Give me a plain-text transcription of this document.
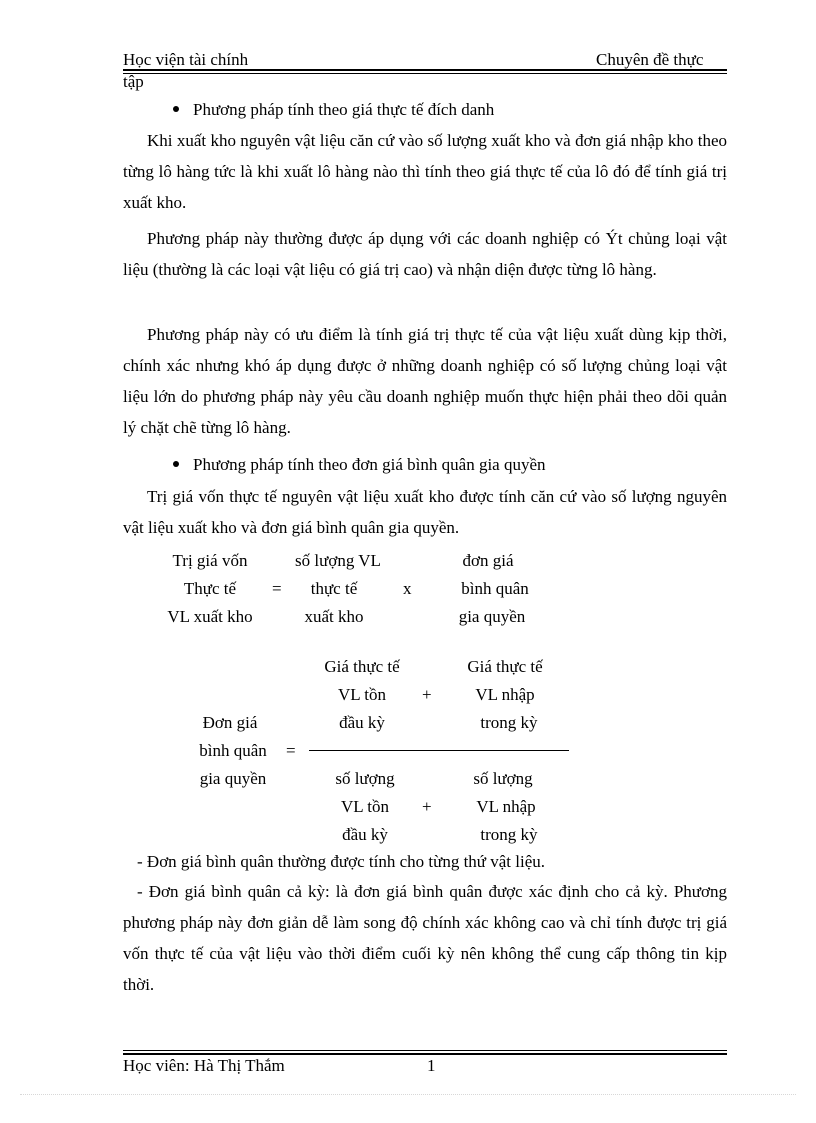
Học viện tài chính	Chuyên đề thực
tập
Phương pháp tính theo giá thực tế đích danh
Khi xuất kho nguyên vật liệu căn cứ vào số lượng xuất kho và đơn giá nhập kho theo từng lô hàng tức là khi xuất lô hàng nào thì tính theo giá thực tế của lô đó để tính giá trị xuất kho.
Phương pháp này thường được áp dụng với các doanh nghiệp có Ýt chủng loại vật liệu (thường là các loại vật liệu có giá trị cao) và nhận diện được từng lô hàng.
Phương pháp này có ưu điểm là tính giá trị thực tế của vật liệu xuất dùng kịp thời, chính xác nhưng khó áp dụng được ở những doanh nghiệp có số lượng chủng loại vật liệu lớn do phương pháp này yêu cầu doanh nghiệp muốn thực hiện phải theo dõi quản lý chặt chẽ từng lô hàng.
Phương pháp tính theo đơn giá bình quân gia quyền
Trị giá vốn thực tế nguyên vật liệu xuất kho được tính căn cứ vào số lượng nguyên vật liệu xuất kho và đơn giá bình quân gia quyền.
Trị giá vốn
Thực tế
VL xuất kho
=
số lượng VL
thực tế
xuất kho
x
đơn giá
bình quân
gia quyền
Giá thực tế
VL tồn
đầu kỳ
+
Giá thực tế
VL nhập
trong kỳ
Đơn giá
bình quân
gia quyền
=
số lượng
VL tồn
đầu kỳ
+
số lượng
VL nhập
trong kỳ
- Đơn giá bình quân thường được tính cho từng thứ vật liệu.
- Đơn giá bình quân cả kỳ: là đơn giá bình quân được xác định cho cả kỳ. Phương phương pháp này đơn giản dễ làm song độ chính xác không cao và chỉ tính được trị giá vốn thực tế của vật liệu vào thời điểm cuối kỳ nên không thể cung cấp thông tin kịp thời.
Học viên: Hà Thị Thắm	1
